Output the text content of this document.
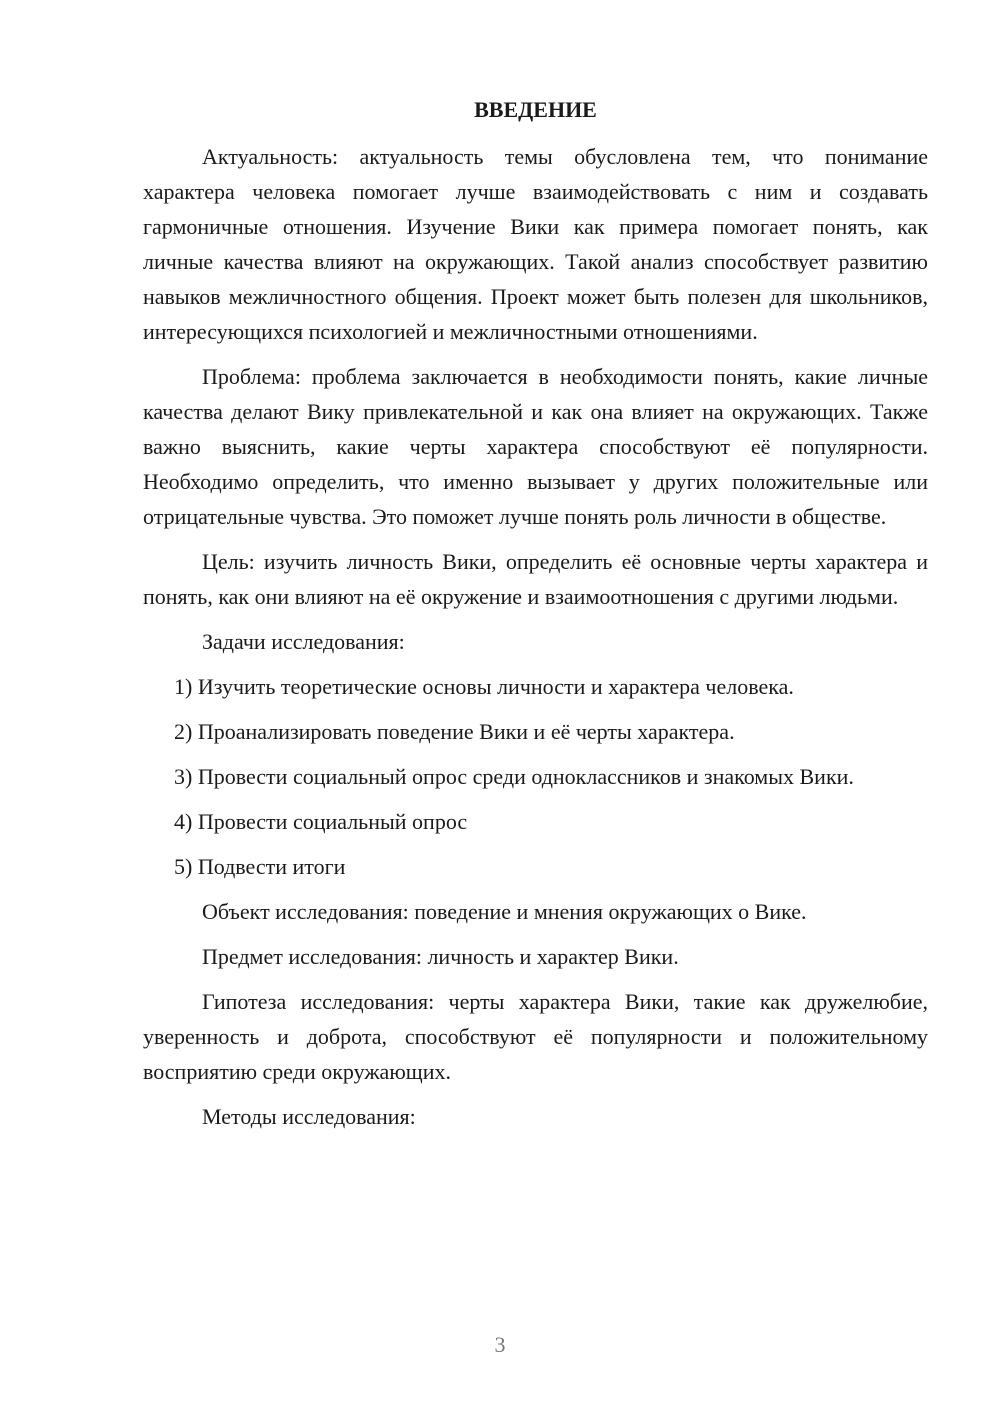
ВВЕДЕНИЕ

Актуальность: актуальность темы обусловлена тем, что понимание характера человека помогает лучше взаимодействовать с ним и создавать гармоничные отношения. Изучение Вики как примера помогает понять, как личные качества влияют на окружающих. Такой анализ способствует развитию навыков межличностного общения. Проект может быть полезен для школьников, интересующихся психологией и межличностными отношениями.

Проблема: проблема заключается в необходимости понять, какие личные качества делают Вику привлекательной и как она влияет на окружающих. Также важно выяснить, какие черты характера способствуют её популярности. Необходимо определить, что именно вызывает у других положительные или отрицательные чувства. Это поможет лучше понять роль личности в обществе.

Цель: изучить личность Вики, определить её основные черты характера и понять, как они влияют на её окружение и взаимоотношения с другими людьми.

Задачи исследования:

1) Изучить теоретические основы личности и характера человека.

2) Проанализировать поведение Вики и её черты характера.

3) Провести социальный опрос среди одноклассников и знакомых Вики.

4) Провести социальный опрос

5) Подвести итоги

Объект исследования: поведение и мнения окружающих о Вике.

Предмет исследования: личность и характер Вики.

Гипотеза исследования: черты характера Вики, такие как дружелюбие, уверенность и доброта, способствуют её популярности и положительному восприятию среди окружающих.

Методы исследования:

3
